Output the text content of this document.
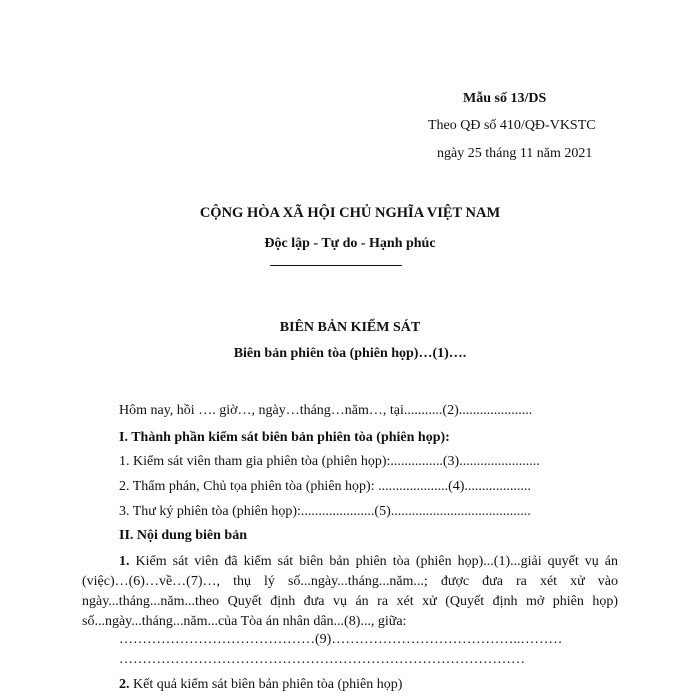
Mẫu số 13/DS
Theo QĐ số 410/QĐ-VKSTC
ngày 25 tháng 11 năm 2021
CỘNG HÒA XÃ HỘI CHỦ NGHĨA VIỆT NAM
Độc lập - Tự do - Hạnh phúc
BIÊN BẢN KIỂM SÁT
Biên bản phiên tòa (phiên họp)…(1)….
Hôm nay, hồi …. giờ…, ngày…tháng…năm…, tại...........(2).....................
I. Thành phần kiểm sát biên bản phiên tòa (phiên họp):
1. Kiểm sát viên tham gia phiên tòa (phiên họp):...............(3).......................
2. Thẩm phán, Chủ tọa phiên tòa (phiên họp): ....................(4)...................
3. Thư ký phiên tòa (phiên họp):.....................(5)........................................
II. Nội dung biên bản
1. Kiểm sát viên đã kiểm sát biên bản phiên tòa (phiên họp)...(1)...giải quyết vụ án (việc)…(6)…về…(7)…, thụ lý số...ngày...tháng...năm...; được đưa ra xét xử vào ngày...tháng...năm...theo Quyết định đưa vụ án ra xét xử (Quyết định mở phiên họp) số...ngày...tháng...năm...của Tòa án nhân dân...(8)..., giữa:
……………………………………(9)…………………………………..………
……………………………………………………………………………
2. Kết quả kiểm sát biên bản phiên tòa (phiên họp)
